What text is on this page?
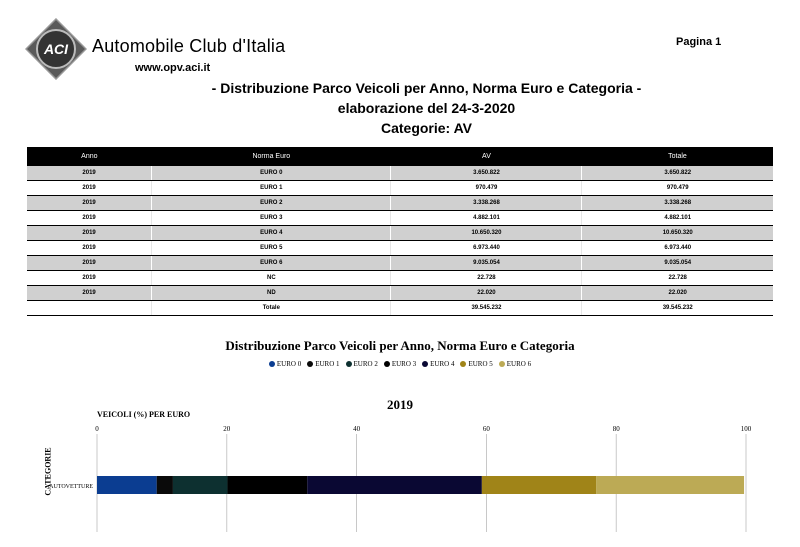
ACI Automobile Club d'Italia
www.opv.aci.it
Pagina 1
- Distribuzione Parco Veicoli per Anno, Norma Euro e Categoria -
elaborazione del 24-3-2020
Categorie: AV
Anno	Norma Euro	AV	Totale
2019	EURO 0	3.650.822	3.650.822
2019	EURO 1	970.479	970.479
2019	EURO 2	3.338.268	3.338.268
2019	EURO 3	4.882.101	4.882.101
2019	EURO 4	10.650.320	10.650.320
2019	EURO 5	6.973.440	6.973.440
2019	EURO 6	9.035.054	9.035.054
2019	NC	22.728	22.728
2019	ND	22.020	22.020
	Totale	39.545.232	39.545.232
Distribuzione Parco Veicoli per Anno, Norma Euro e Categoria
EURO 0 EURO 1 EURO 2 EURO 3 EURO 4 EURO 5 EURO 6
2019
VEICOLI (%) PER EURO
CATEGORIE
0	20	40	60	80	100
AUTOVETTURE
